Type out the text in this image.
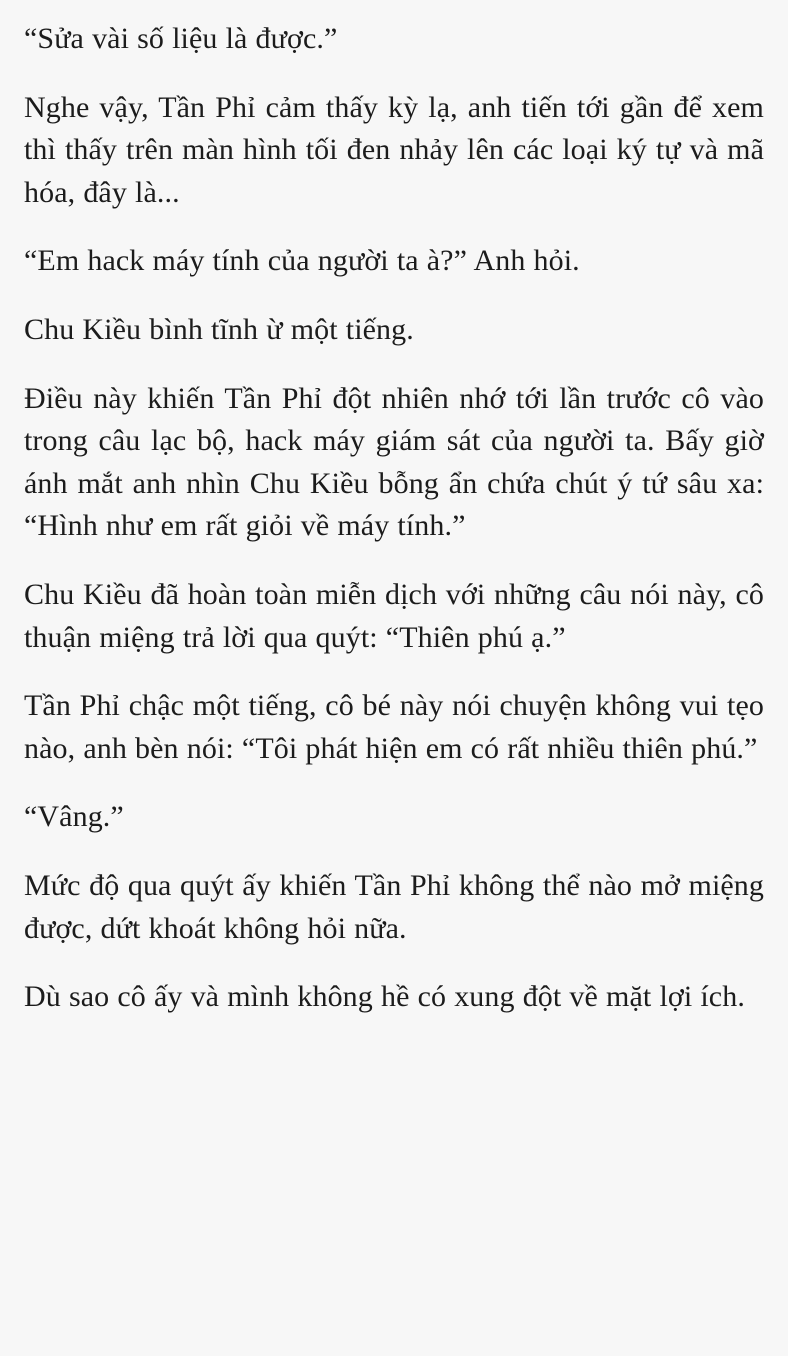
“Sửa vài số liệu là được.”

Nghe vậy, Tần Phỉ cảm thấy kỳ lạ, anh tiến tới gần để xem thì thấy trên màn hình tối đen nhảy lên các loại ký tự và mã hóa, đây là...

“Em hack máy tính của người ta à?” Anh hỏi.

Chu Kiều bình tĩnh ừ một tiếng.

Điều này khiến Tần Phỉ đột nhiên nhớ tới lần trước cô vào trong câu lạc bộ, hack máy giám sát của người ta. Bấy giờ ánh mắt anh nhìn Chu Kiều bỗng ẩn chứa chút ý tứ sâu xa: “Hình như em rất giỏi về máy tính.”

Chu Kiều đã hoàn toàn miễn dịch với những câu nói này, cô thuận miệng trả lời qua quýt: “Thiên phú ạ.”

Tần Phỉ chậc một tiếng, cô bé này nói chuyện không vui tẹo nào, anh bèn nói: “Tôi phát hiện em có rất nhiều thiên phú.”

“Vâng.”

Mức độ qua quýt ấy khiến Tần Phỉ không thể nào mở miệng được, dứt khoát không hỏi nữa.

Dù sao cô ấy và mình không hề có xung đột về mặt lợi ích.
